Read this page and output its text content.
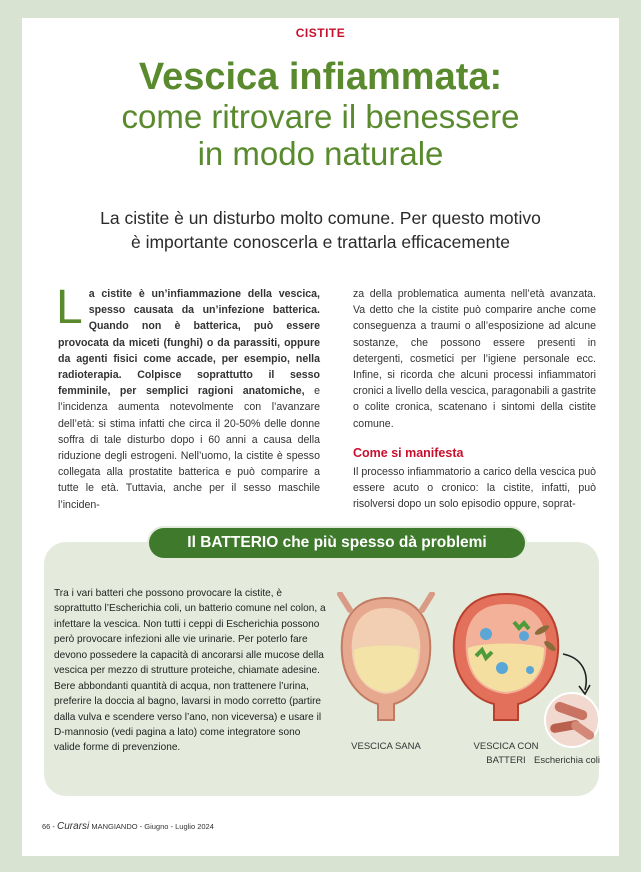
CISTITE
Vescica infiammata:
come ritrovare il benessere
in modo naturale
La cistite è un disturbo molto comune. Per questo motivo
è importante conoscerla e trattarla efficacemente
La cistite è un’infiammazione della vescica, spesso causata da un’infezione batterica. Quando non è batterica, può essere provocata da miceti (funghi) o da parassiti, oppure da agenti fisici come accade, per esempio, nella radioterapia. Colpisce soprattutto il sesso femminile, per semplici ragioni anatomiche, e l’incidenza aumenta notevolmente con l’avanzare dell’età: si stima infatti che circa il 20-50% delle donne soffra di tale disturbo dopo i 60 anni a causa della riduzione degli estrogeni. Nell’uomo, la cistite è spesso collegata alla prostatite batterica e può comparire a tutte le età. Tuttavia, anche per il sesso maschile l’inciden-
za della problematica aumenta nell’età avanzata. Va detto che la cistite può comparire anche come conseguenza a traumi o all’esposizione ad alcune sostanze, che possono essere presenti in detergenti, cosmetici per l’igiene personale ecc. Infine, si ricorda che alcuni processi infiammatori cronici a livello della vescica, paragonabili a gastrite o colite cronica, scatenano i sintomi della cistite comune.
Come si manifesta
Il processo infiammatorio a carico della vescica può essere acuto o cronico: la cistite, infatti, può risolversi dopo un solo episodio oppure, soprat-
Il BATTERIO che più spesso dà problemi
Tra i vari batteri che possono provocare la cistite, è soprattutto l’Escherichia coli, un batterio comune nel colon, a infettare la vescica. Non tutti i ceppi di Escherichia possono però provocare infezioni alle vie urinarie. Per poterlo fare devono possedere la capacità di ancorarsi alle mucose della vescica per mezzo di strutture proteiche, chiamate adesine. Bere abbondanti quantità di acqua, non trattenere l’urina, preferire la doccia al bagno, lavarsi in modo corretto (partire dalla vulva e scendere verso l’ano, non viceversa) e usare il D-mannosio (vedi pagina a lato) come integratore sono valide forme di prevenzione.	VESCICA SANA	VESCICA CON BATTERI Escherichia coli
66 - Curarsi MANGIANDO - Giugno - Luglio 2024
